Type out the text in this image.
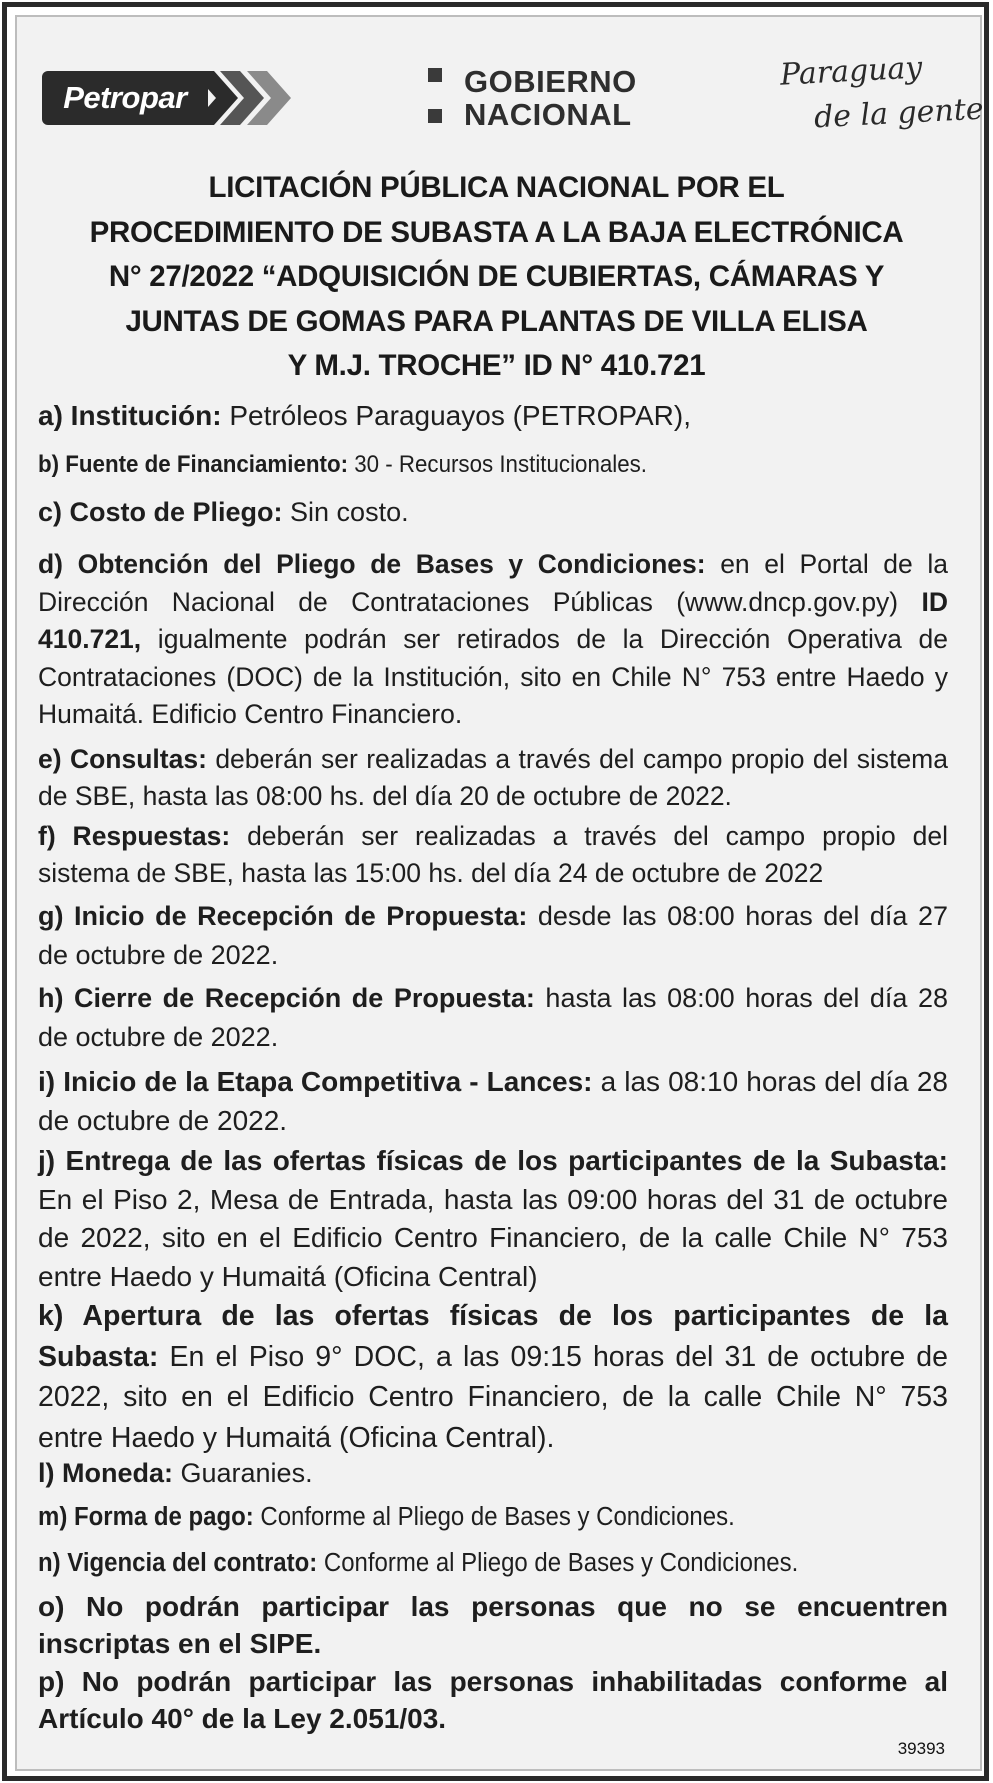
Petropar	GOBIERNO
NACIONAL
Paraguay
de la gente
LICITACIÓN PÚBLICA NACIONAL POR EL
PROCEDIMIENTO DE SUBASTA A LA BAJA ELECTRÓNICA
N° 27/2022 “ADQUISICIÓN DE CUBIERTAS, CÁMARAS Y
JUNTAS DE GOMAS PARA PLANTAS DE VILLA ELISA
Y M.J. TROCHE” ID N° 410.721
a) Institución: Petróleos Paraguayos (PETROPAR),
b) Fuente de Financiamiento: 30 - Recursos Institucionales.
c) Costo de Pliego: Sin costo.
d) Obtención del Pliego de Bases y Condiciones: en el Portal de la Dirección Nacional de Contrataciones Públicas (www.dncp.gov.py) ID 410.721, igualmente podrán ser retirados de la Dirección Operativa de Contrataciones (DOC) de la Institución, sito en Chile N° 753 entre Haedo y Humaitá. Edificio Centro Financiero.
e) Consultas: deberán ser realizadas a través del campo propio del sistema de SBE, hasta las 08:00 hs. del día 20 de octubre de 2022.
f) Respuestas: deberán ser realizadas a través del campo propio del sistema de SBE, hasta las 15:00 hs. del día 24 de octubre de 2022
g) Inicio de Recepción de Propuesta: desde las 08:00 horas del día 27 de octubre de 2022.
h) Cierre de Recepción de Propuesta: hasta las 08:00 horas del día 28 de octubre de 2022.
i) Inicio de la Etapa Competitiva - Lances: a las 08:10 horas del día 28 de octubre de 2022.
j) Entrega de las ofertas físicas de los participantes de la Subasta: En el Piso 2, Mesa de Entrada, hasta las 09:00 horas del 31 de octubre de 2022, sito en el Edificio Centro Financiero, de la calle Chile N° 753 entre Haedo y Humaitá (Oficina Central)
k) Apertura de las ofertas físicas de los participantes de la Subasta: En el Piso 9° DOC, a las 09:15 horas del 31 de octubre de 2022, sito en el Edificio Centro Financiero, de la calle Chile N° 753 entre Haedo y Humaitá (Oficina Central).
l) Moneda: Guaranies.
m) Forma de pago: Conforme al Pliego de Bases y Condiciones.
n) Vigencia del contrato: Conforme al Pliego de Bases y Condiciones.
o) No podrán participar las personas que no se encuentren inscriptas en el SIPE.
p) No podrán participar las personas inhabilitadas conforme al Artículo 40° de la Ley 2.051/03.
39393
